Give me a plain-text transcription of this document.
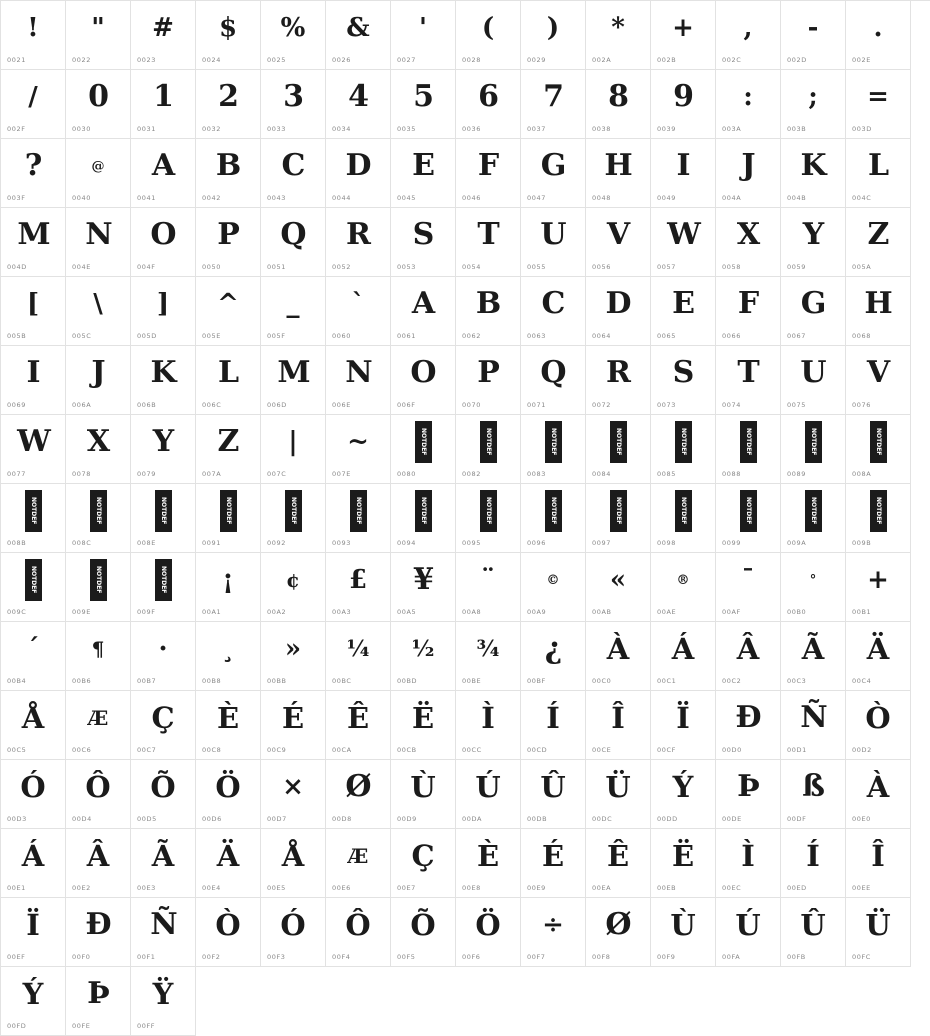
!
0021
"
0022
#
0023
$
0024
%
0025
&
0026
'
0027
(
0028
)
0029
*
002A
+
002B
,
002C
-
002D
.
002E
/
002F
0
0030
1
0031
2
0032
3
0033
4
0034
5
0035
6
0036
7
0037
8
0038
9
0039
:
003A
;
003B
=
003D
?
003F
@
0040
A
0041
B
0042
C
0043
D
0044
E
0045
F
0046
G
0047
H
0048
I
0049
J
004A
K
004B
L
004C
M
004D
N
004E
O
004F
P
0050
Q
0051
R
0052
S
0053
T
0054
U
0055
V
0056
W
0057
X
0058
Y
0059
Z
005A
[
005B
\
005C
]
005D
^
005E
_
005F
`
0060
A
0061
B
0062
C
0063
D
0064
E
0065
F
0066
G
0067
H
0068
I
0069
J
006A
K
006B
L
006C
M
006D
N
006E
O
006F
P
0070
Q
0071
R
0072
S
0073
T
0074
U
0075
V
0076
W
0077
X
0078
Y
0079
Z
007A
|
007C
~
007E
NOTDEF
0080
NOTDEF
0082
NOTDEF
0083
NOTDEF
0084
NOTDEF
0085
NOTDEF
0088
NOTDEF
0089
NOTDEF
008A
NOTDEF
008B
NOTDEF
008C
NOTDEF
008E
NOTDEF
0091
NOTDEF
0092
NOTDEF
0093
NOTDEF
0094
NOTDEF
0095
NOTDEF
0096
NOTDEF
0097
NOTDEF
0098
NOTDEF
0099
NOTDEF
009A
NOTDEF
009B
NOTDEF
009C
NOTDEF
009E
NOTDEF
009F
¡
00A1
¢
00A2
£
00A3
¥
00A5
¨
00A8
©
00A9
«
00AB
®
00AE
¯
00AF
°
00B0
+
00B1
´
00B4
¶
00B6
·
00B7
¸
00B8
»
00BB
¼
00BC
½
00BD
¾
00BE
¿
00BF
À
00C0
Á
00C1
Â
00C2
Ã
00C3
Ä
00C4
Å
00C5
Æ
00C6
Ç
00C7
È
00C8
É
00C9
Ê
00CA
Ë
00CB
Ì
00CC
Í
00CD
Î
00CE
Ï
00CF
Ð
00D0
Ñ
00D1
Ò
00D2
Ó
00D3
Ô
00D4
Õ
00D5
Ö
00D6
×
00D7
Ø
00D8
Ù
00D9
Ú
00DA
Û
00DB
Ü
00DC
Ý
00DD
Þ
00DE
ß
00DF
À
00E0
Á
00E1
Â
00E2
Ã
00E3
Ä
00E4
Å
00E5
Æ
00E6
Ç
00E7
È
00E8
É
00E9
Ê
00EA
Ë
00EB
Ì
00EC
Í
00ED
Î
00EE
Ï
00EF
Ð
00F0
Ñ
00F1
Ò
00F2
Ó
00F3
Ô
00F4
Õ
00F5
Ö
00F6
÷
00F7
Ø
00F8
Ù
00F9
Ú
00FA
Û
00FB
Ü
00FC
Ý
00FD
Þ
00FE
Ÿ
00FF
